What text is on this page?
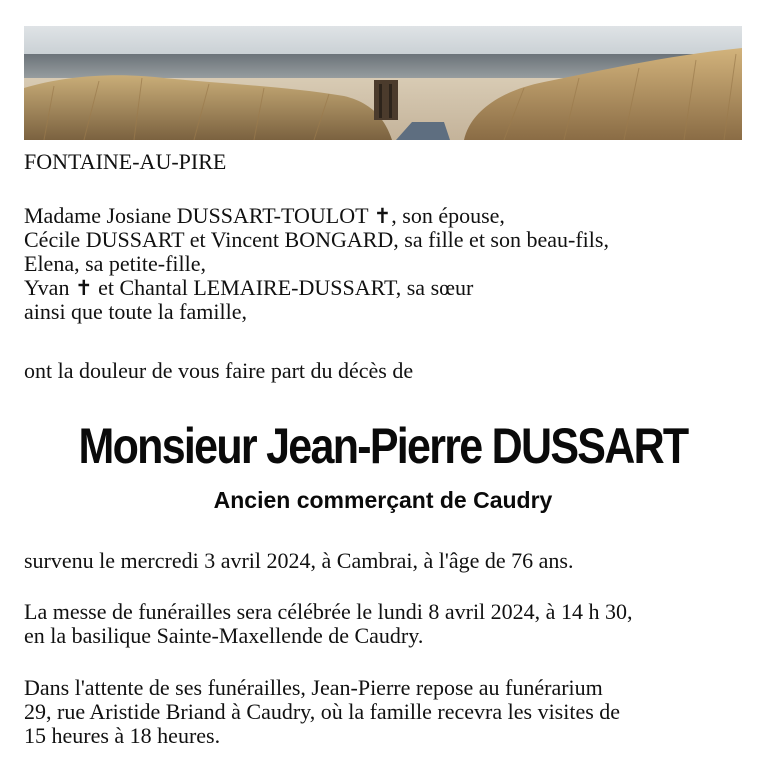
FONTAINE-AU-PIRE

Madame Josiane DUSSART-TOULOT ✝, son épouse,
Cécile DUSSART et Vincent BONGARD, sa fille et son beau-fils,
Elena, sa petite-fille,
Yvan ✝ et Chantal LEMAIRE-DUSSART, sa sœur
ainsi que toute la famille,

ont la douleur de vous faire part du décès de

Monsieur Jean-Pierre DUSSART

Ancien commerçant de Caudry

survenu le mercredi 3 avril 2024, à Cambrai, à l'âge de 76 ans.

La messe de funérailles sera célébrée le lundi 8 avril 2024, à 14 h 30,
en la basilique Sainte-Maxellende de Caudry.
Dans l'attente de ses funérailles, Jean-Pierre repose au funérarium
29, rue Aristide Briand à Caudry, où la famille recevra les visites de
15 heures à 18 heures.
